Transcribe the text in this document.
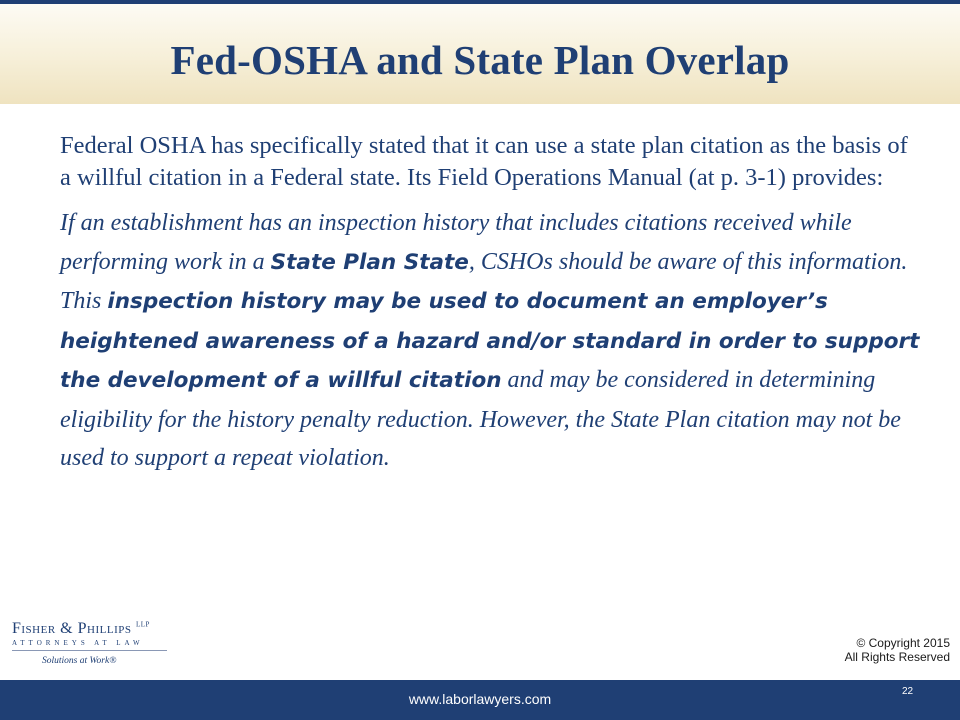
Fed-OSHA and State Plan Overlap

Federal OSHA has specifically stated that it can use a state plan citation as the basis of a willful citation in a Federal state. Its Field Operations Manual (at p. 3-1) provides:

If an establishment has an inspection history that includes citations received while performing work in a State Plan State, CSHOs should be aware of this information. This inspection history may be used to document an employer’s heightened awareness of a hazard and/or standard in order to support the development of a willful citation and may be considered in determining eligibility for the history penalty reduction. However, the State Plan citation may not be used to support a repeat violation.

Fisher & Phillips $^{LLP}$
ATTORNEYS AT LAW
Solutions at Work®
© Copyright 2015
All Rights Reserved
www.laborlawyers.com	22
